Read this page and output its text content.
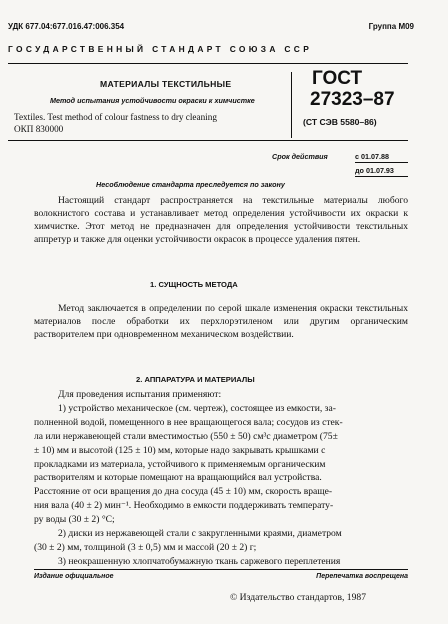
УДК 677.04:677.016.47:006.354	Группа М09
ГОСУДАРСТВЕННЫЙ СТАНДАРТ СОЮЗА ССР
МАТЕРИАЛЫ ТЕКСТИЛЬНЫЕ
Метод испытания устойчивости окраски к химчистке
Textiles. Test method of colour fastness to dry cleaning
ОКП 830000
ГОСТ
27323–87
(СТ СЭВ 5580–86)
Срок действия	с 01.07.88
до 01.07.93
Несоблюдение стандарта преследуется по закону

Настоящий стандарт распространяется на текстильные материалы любого волокнистого состава и устанавливает метод определения устойчивости их окраски к химчистке. Этот метод не предназначен для определения устойчивости текстильных аппретур и также для оценки устойчивости окрасок в процессе удаления пятен.

1. СУЩНОСТЬ МЕТОДА

Метод заключается в определении по серой шкале изменения окраски текстильных материалов после обработки их перхлорэтиленом или другим органическим растворителем при одновременном механическом воздействии.

2. АППАРАТУРА И МАТЕРИАЛЫ
Для проведения испытания применяют:
1) устройство механическое (см. чертеж), состоящее из емкости, за-
полненной водой, помещенного в нее вращающегося вала; сосудов из стек-
ла или нержавеющей стали вместимостью (550 ± 50) см³с диаметром (75±
± 10) мм и высотой (125 ± 10) мм, которые надо закрывать крышками с
прокладками из материала, устойчивого к применяемым органическим
растворителям и которые помещают на вращающийся вал устройства.
Расстояние от оси вращения до дна сосуда (45 ± 10) мм, скорость враще-
ния вала (40 ± 2) мин⁻¹. Необходимо в емкости поддерживать температу-
ру воды (30 ± 2) °С;
2) диски из нержавеющей стали с закругленными краями, диаметром
(30 ± 2) мм, толщиной (3 ± 0,5) мм и массой (20 ± 2) г;
3) неокрашенную хлопчатобумажную ткань саржевого переплетения
Издание официальное	Перепечатка воспрещена
© Издательство стандартов, 1987
